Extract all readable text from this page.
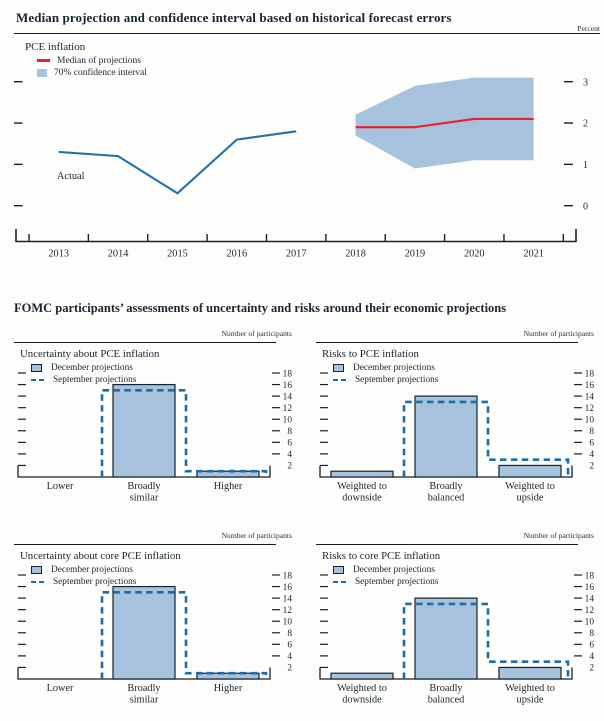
Median projection and confidence interval based on historical forecast errors
Percent
PCE inflation
Median of projections
70% confidence interval
0
1
2
3
2013	2014	2015	2016	2017	2018	2019	2020	2021
Actual
FOMC participants’ assessments of uncertainty and risks around their economic projections
Number of participants
2
4
6
8
10
12
14
16
18
Lower	Broadly similar
Higher
Uncertainty about PCE inflation
December projections
September projections
Number of participants
2
4
6
8
10
12
14
16
18
Weighted to downside
Broadly balanced
Weighted to upside
Risks to PCE inflation
December projections
September projections
Number of participants
2
4
6
8
10
12
14
16
18
Lower	Broadly similar
Higher
Uncertainty about core PCE inflation
December projections
September projections
Number of participants
2
4
6
8
10
12
14
16
18
Weighted to downside
Broadly balanced
Weighted to upside
Risks to core PCE inflation
December projections
September projections
